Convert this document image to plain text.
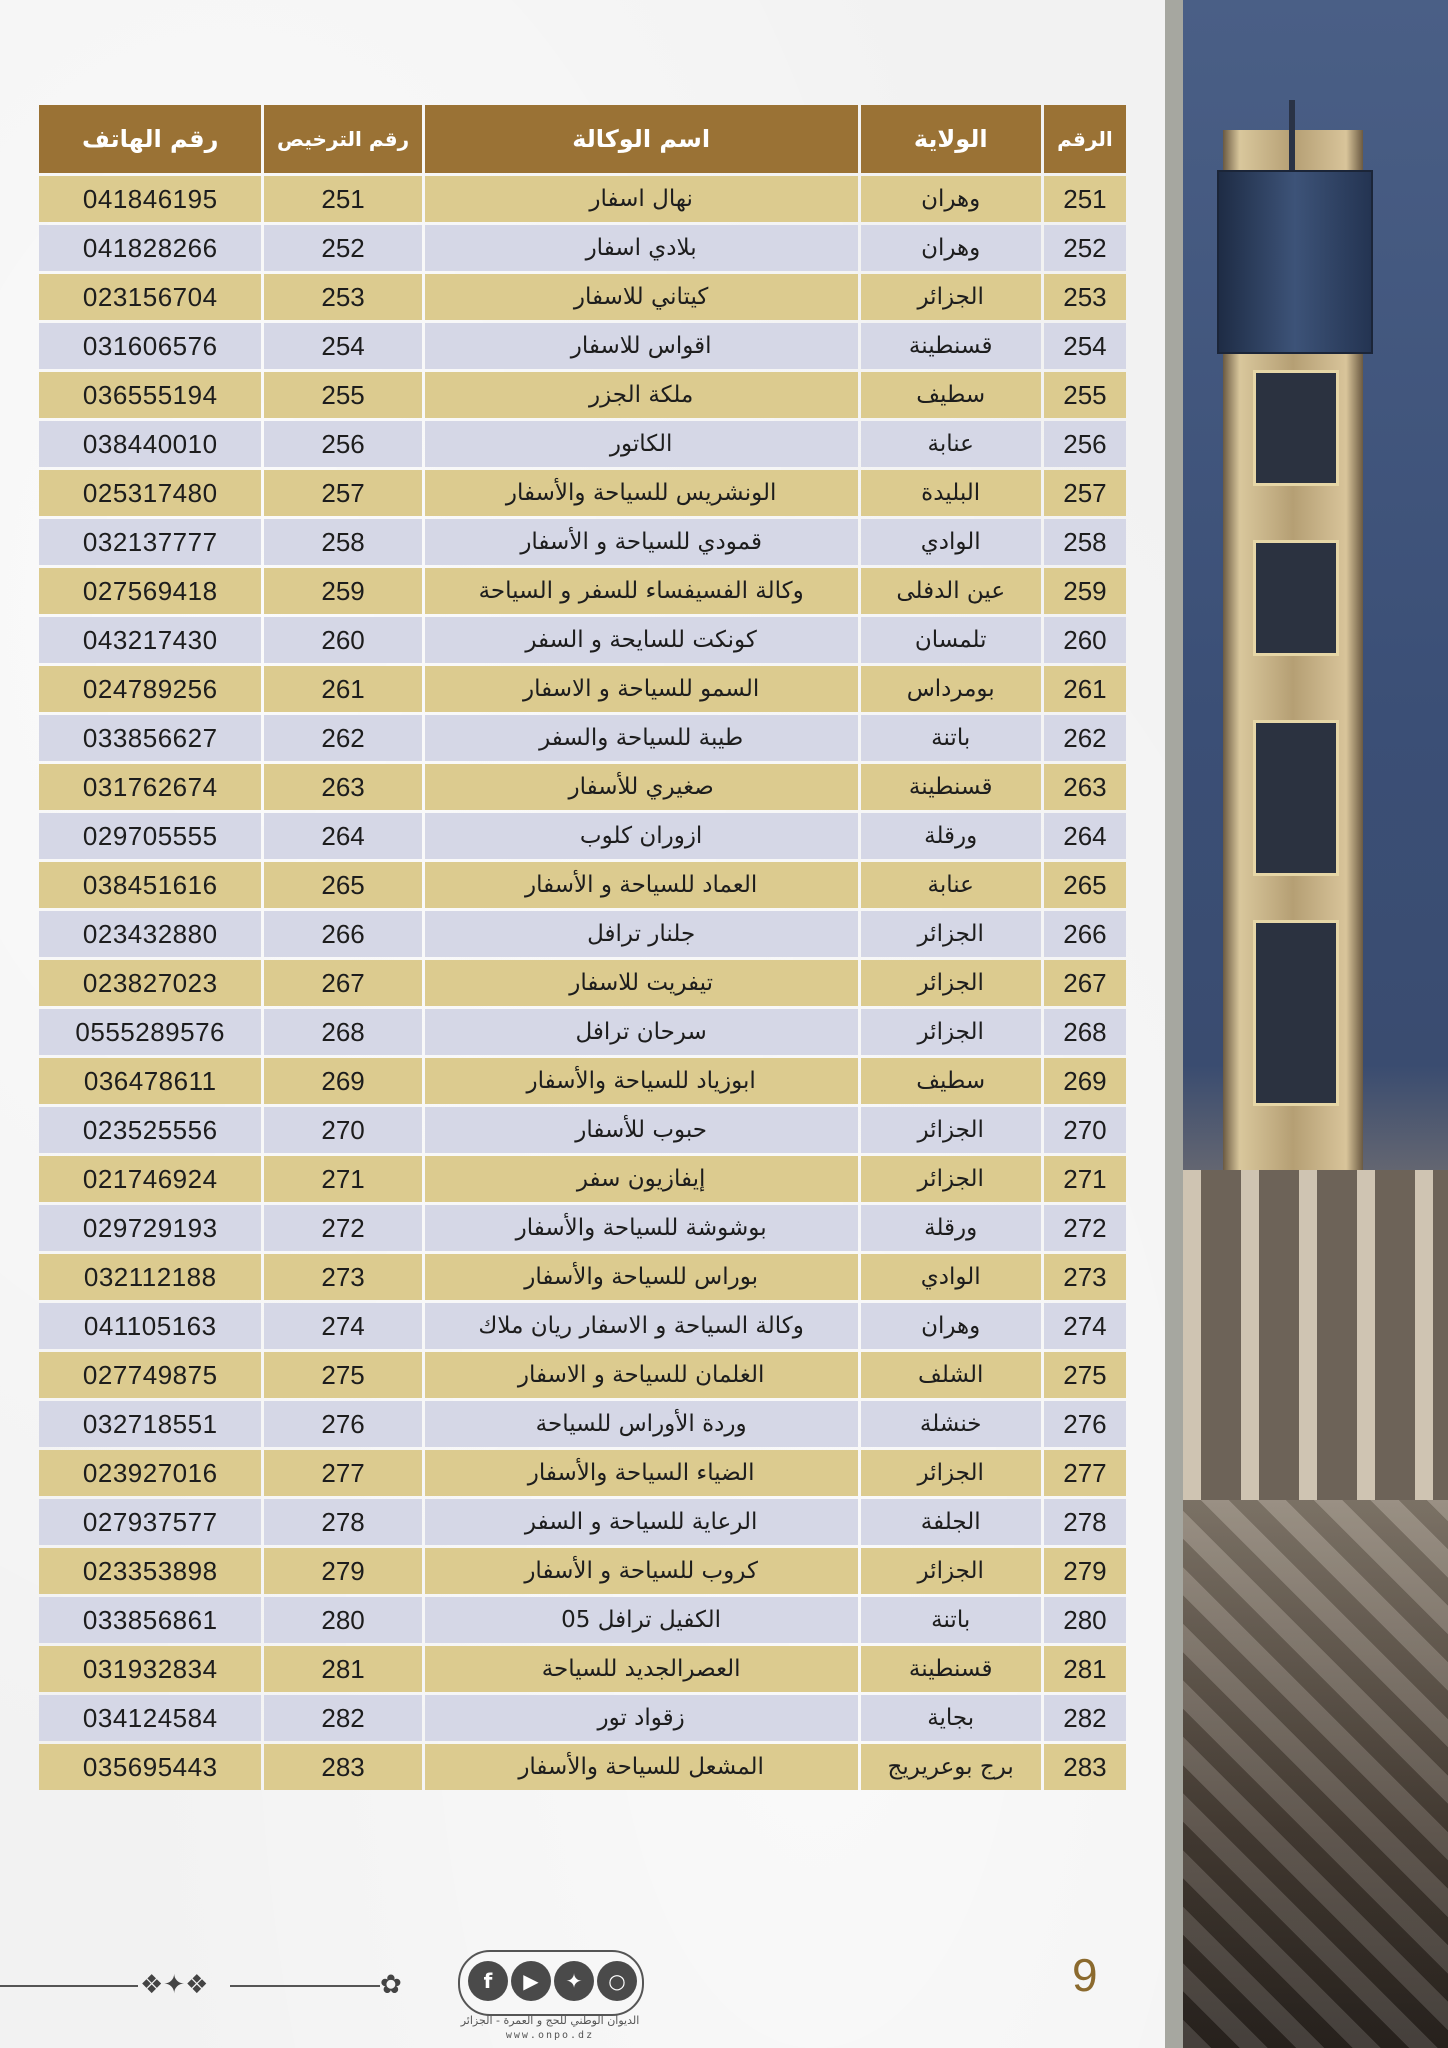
الرقم	الولاية	اسم الوكالة	رقم الترخيص	رقم الهاتف
251	وهران	نهال اسفار	251	041846195
252	وهران	بلادي اسفار	252	041828266
253	الجزائر	كيتاني للاسفار	253	023156704
254	قسنطينة	اقواس للاسفار	254	031606576
255	سطيف	ملكة الجزر	255	036555194
256	عنابة	الكاتور	256	038440010
257	البليدة	الونشريس للسياحة والأسفار	257	025317480
258	الوادي	قمودي للسياحة و الأسفار	258	032137777
259	عين الدفلى	وكالة الفسيفساء للسفر و السياحة	259	027569418
260	تلمسان	كونكت للسايحة و السفر	260	043217430
261	بومرداس	السمو للسياحة و الاسفار	261	024789256
262	باتنة	طيبة للسياحة والسفر	262	033856627
263	قسنطينة	صغيري للأسفار	263	031762674
264	ورقلة	ازوران كلوب	264	029705555
265	عنابة	العماد للسياحة و الأسفار	265	038451616
266	الجزائر	جلنار ترافل	266	023432880
267	الجزائر	تيفريت للاسفار	267	023827023
268	الجزائر	سرحان ترافل	268	0555289576
269	سطيف	ابوزياد للسياحة والأسفار	269	036478611
270	الجزائر	حبوب للأسفار	270	023525556
271	الجزائر	إيفازيون سفر	271	021746924
272	ورقلة	بوشوشة للسياحة والأسفار	272	029729193
273	الوادي	بوراس للسياحة والأسفار	273	032112188
274	وهران	وكالة السياحة و الاسفار ريان ملاك	274	041105163
275	الشلف	الغلمان للسياحة و الاسفار	275	027749875
276	خنشلة	وردة الأوراس للسياحة	276	032718551
277	الجزائر	الضياء السياحة والأسفار	277	023927016
278	الجلفة	الرعاية للسياحة و السفر	278	027937577
279	الجزائر	كروب للسياحة و الأسفار	279	023353898
280	باتنة	الكفيل ترافل 05	280	033856861
281	قسنطينة	العصرالجديد للسياحة	281	031932834
282	بجاية	زقواد تور	282	034124584
283	برج بوعريريج	المشعل للسياحة والأسفار	283	035695443
❖✦❖	✿	f	▶	✦	○
الديوان الوطني للحج و العمرة - الجزائر
www.onpo.dz
9
